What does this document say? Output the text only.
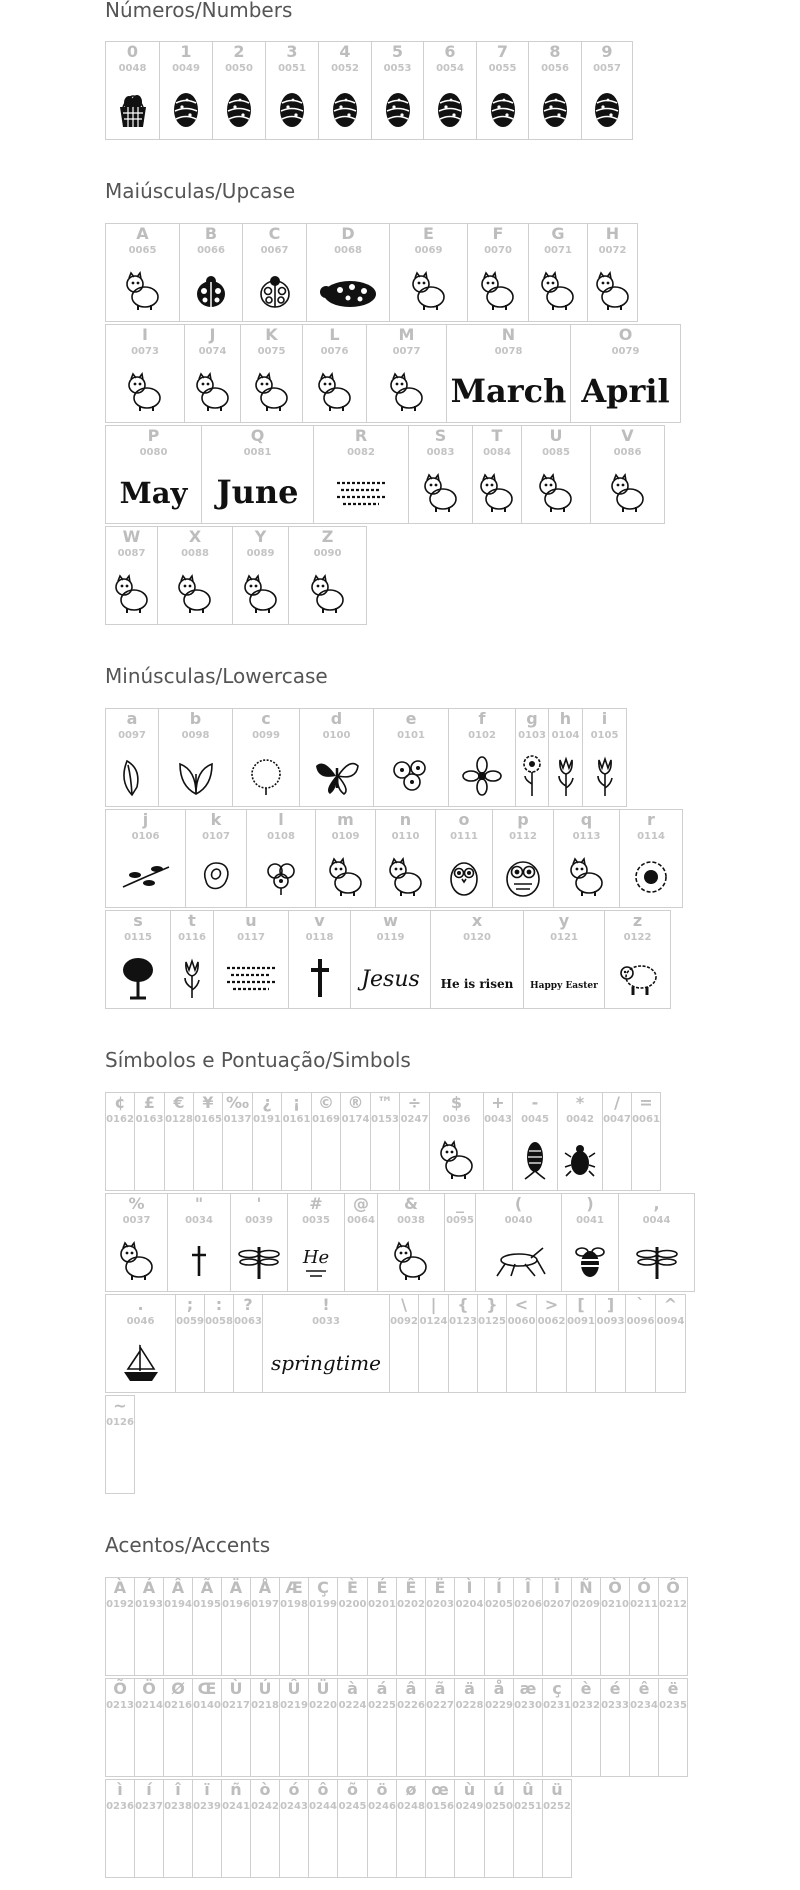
Números/Numbers
0
0048
1
0049
2
0050
3
0051
4
0052
5
0053
6
0054
7
0055
8
0056
9
0057
Maiúsculas/Upcase
A
0065
B
0066
C
0067
D
0068
E
0069
F
0070
G
0071
H
0072
I
0073
J
0074
K
0075
L
0076
M
0077
N
0078
March
O
0079
April
P
0080
May
Q
0081
June
R
0082
S
0083
T
0084
U
0085
V
0086
W
0087
X
0088
Y
0089
Z
0090
Minúsculas/Lowercase
a
0097
b
0098
c
0099
d
0100
e
0101
f
0102
g
0103
h
0104
i
0105
j
0106
k
0107
l
0108
m
0109
n
0110
o
0111
p
0112
q
0113
r
0114
s
0115
t
0116
u
0117
v
0118
w
0119
Jesus
x
0120
He is risen
y
0121
Happy Easter
z
0122
Símbolos e Pontuação/Simbols
¢
0162
£
0163
€
0128
¥
0165
‰
0137
¿
0191
¡
0161
©
0169
®
0174
™
0153
÷
0247
$
0036
+
0043
-
0045
*
0042
/
0047
=
0061
%
0037
"
0034
'
0039
#
0035
He
@
0064
&
0038
_
0095
(
0040
)
0041
,
0044
.
0046
;
0059
:
0058
?
0063
!
0033
springtime
\
0092
|
0124
{
0123
}
0125
<
0060
>
0062
[
0091
]
0093
`
0096
^
0094
~
0126
Acentos/Accents
À
0192
Á
0193
Â
0194
Ã
0195
Ä
0196
Å
0197
Æ
0198
Ç
0199
È
0200
É
0201
Ê
0202
Ë
0203
Ì
0204
Í
0205
Î
0206
Ï
0207
Ñ
0209
Ò
0210
Ó
0211
Ô
0212
Õ
0213
Ö
0214
Ø
0216
Œ
0140
Ù
0217
Ú
0218
Û
0219
Ü
0220
à
0224
á
0225
â
0226
ã
0227
ä
0228
å
0229
æ
0230
ç
0231
è
0232
é
0233
ê
0234
ë
0235
ì
0236
í
0237
î
0238
ï
0239
ñ
0241
ò
0242
ó
0243
ô
0244
õ
0245
ö
0246
ø
0248
œ
0156
ù
0249
ú
0250
û
0251
ü
0252
